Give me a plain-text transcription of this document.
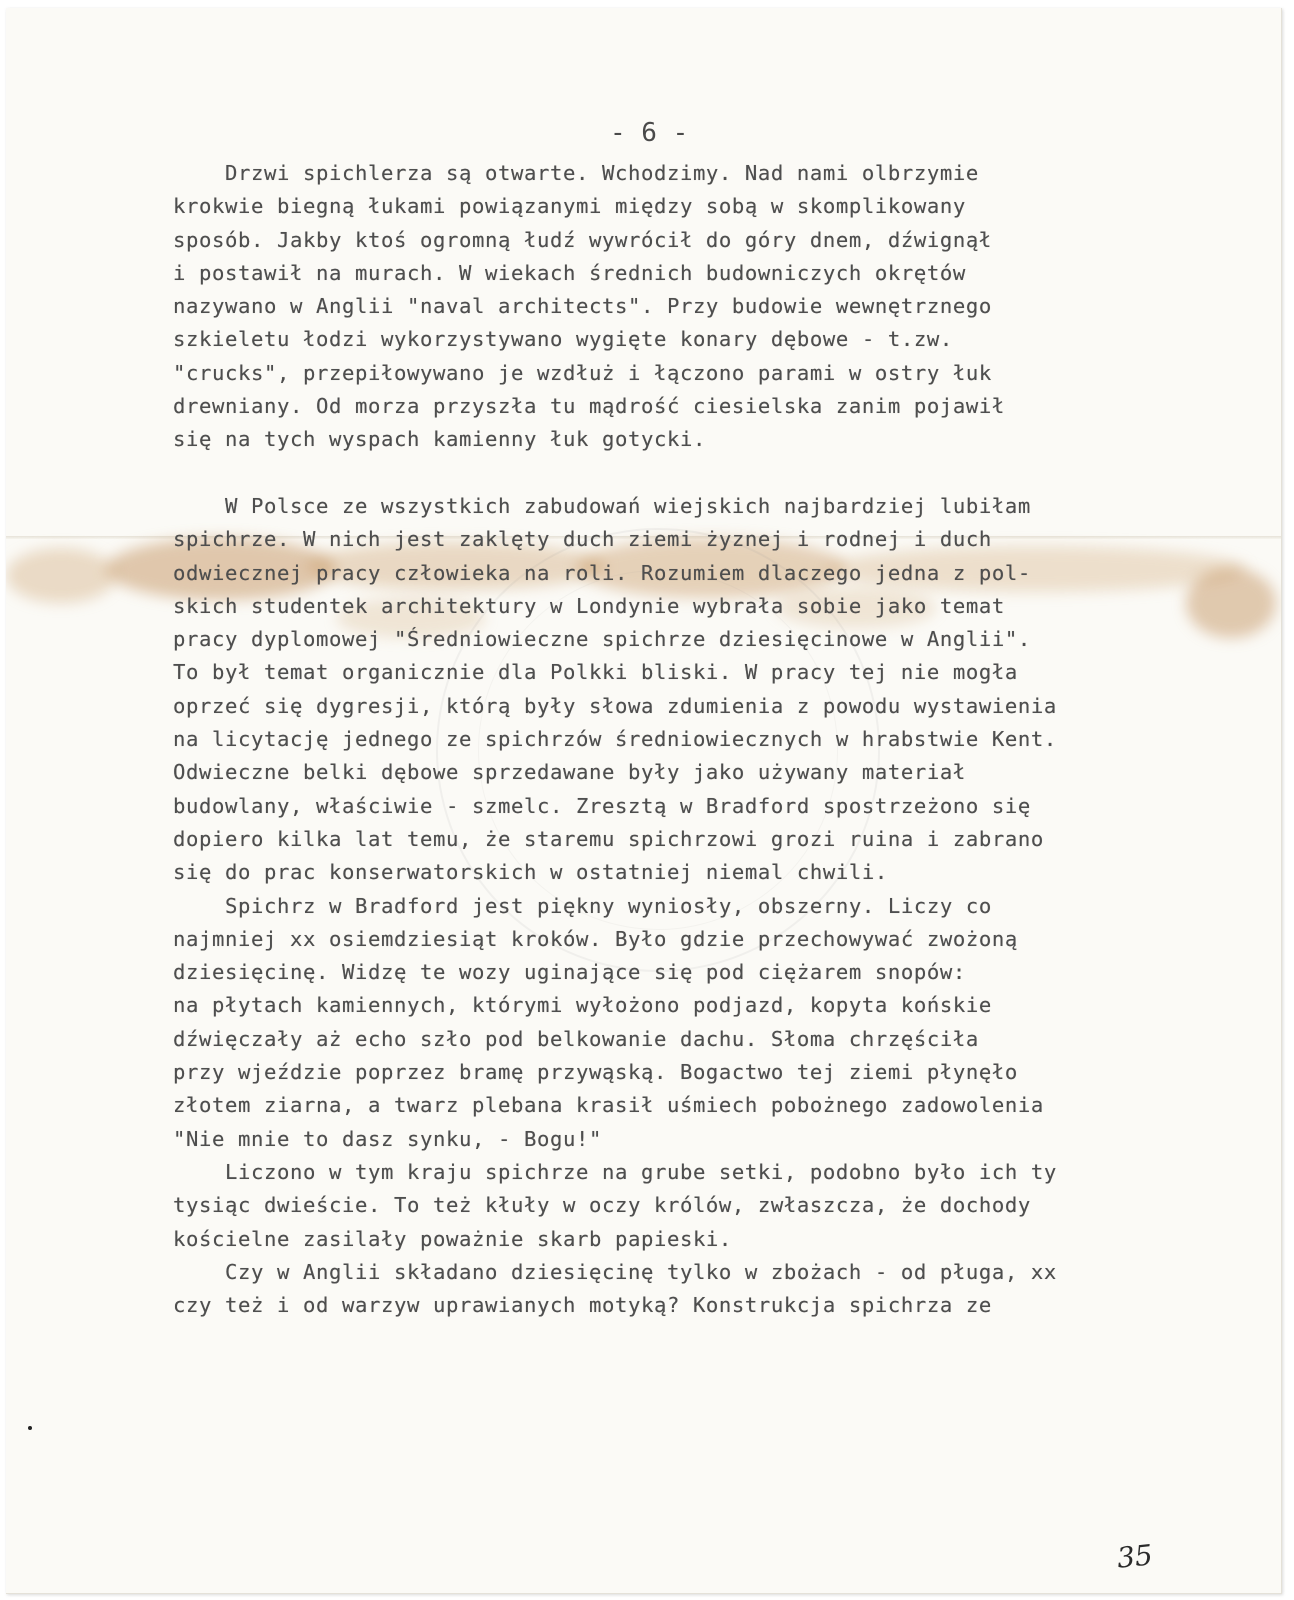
- 6 -
Drzwi spichlerza są otwarte. Wchodzimy. Nad nami olbrzymie
krokwie biegną łukami powiązanymi między sobą w skomplikowany
sposób. Jakby ktoś ogromną łudź wywrócił do góry dnem, dźwignął
i postawił na murach. W wiekach średnich budowniczych okrętów
nazywano w Anglii "naval architects". Przy budowie wewnętrznego
szkieletu łodzi wykorzystywano wygięte konary dębowe - t.zw.
"crucks", przepiłowywano je wzdłuż i łączono parami w ostry łuk
drewniany. Od morza przyszła tu mądrość ciesielska zanim pojawił
się na tych wyspach kamienny łuk gotycki.
W Polsce ze wszystkich zabudowań wiejskich najbardziej lubiłam
spichrze. W nich jest zaklęty duch ziemi żyznej i rodnej i duch
odwiecznej pracy człowieka na roli. Rozumiem dlaczego jedna z pol-
skich studentek architektury w Londynie wybrała sobie jako temat
pracy dyplomowej "Średniowieczne spichrze dziesięcinowe w Anglii".
To był temat organicznie dla Polkki bliski. W pracy tej nie mogła
oprzeć się dygresji, którą były słowa zdumienia z powodu wystawienia
na licytację jednego ze spichrzów średniowiecznych w hrabstwie Kent.
Odwieczne belki dębowe sprzedawane były jako używany materiał
budowlany, właściwie - szmelc. Zresztą w Bradford spostrzeżono się
dopiero kilka lat temu, że staremu spichrzowi grozi ruina i zabrano
się do prac konserwatorskich w ostatniej niemal chwili.
Spichrz w Bradford jest piękny wyniosły, obszerny. Liczy co
najmniej xx osiemdziesiąt kroków. Było gdzie przechowywać zwożoną
dziesięcinę. Widzę te wozy uginające się pod ciężarem snopów:
na płytach kamiennych, którymi wyłożono podjazd, kopyta końskie
dźwięczały aż echo szło pod belkowanie dachu. Słoma chrzęściła
przy wjeździe poprzez bramę przywąską. Bogactwo tej ziemi płynęło
złotem ziarna, a twarz plebana krasił uśmiech pobożnego zadowolenia
"Nie mnie to dasz synku, - Bogu!"
Liczono w tym kraju spichrze na grube setki, podobno było ich ty
tysiąc dwieście. To też kłuły w oczy królów, zwłaszcza, że dochody
kościelne zasilały poważnie skarb papieski.
Czy w Anglii składano dziesięcinę tylko w zbożach - od pługa, xx
czy też i od warzyw uprawianych motyką? Konstrukcja spichrza ze
35
